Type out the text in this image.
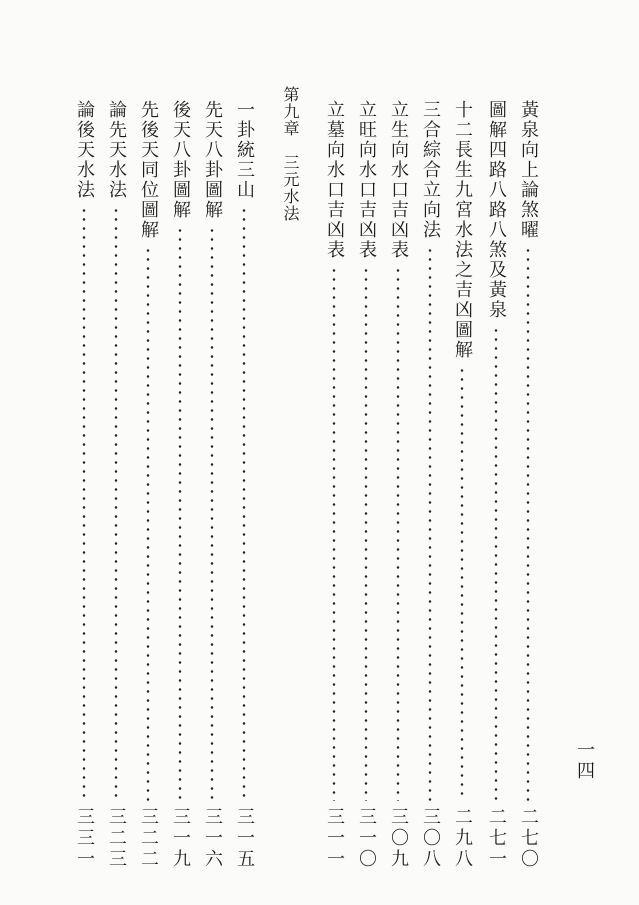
黃泉向上論煞曜
二七〇
圖解四路八路八煞及黃泉
二七一
十二長生九宮水法之吉凶圖解
二九八
三合綜合立向法
三〇八
立生向水口吉凶表
三〇九
立旺向水口吉凶表
三一〇
立墓向水口吉凶表
三一一
第九章　三元水法
一卦統三山
三一五
先天八卦圖解
三一六
後天八卦圖解
三一九
先後天同位圖解
三二二
論先天水法
三二三
論後天水法
三三一
一四
